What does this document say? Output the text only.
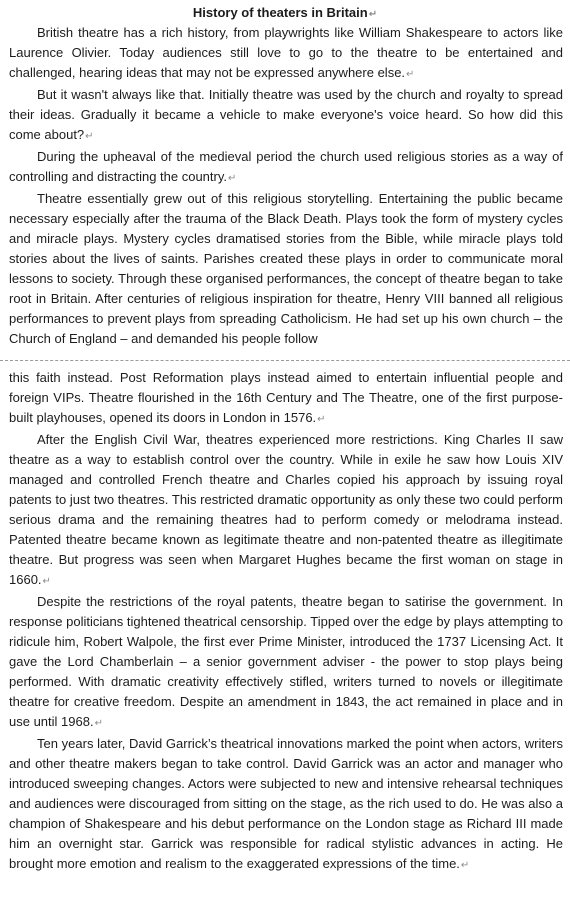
History of theaters in Britain↵

British theatre has a rich history, from playwrights like William Shakespeare to actors like Laurence Olivier. Today audiences still love to go to the theatre to be entertained and challenged, hearing ideas that may not be expressed anywhere else.↵

But it wasn't always like that. Initially theatre was used by the church and royalty to spread their ideas. Gradually it became a vehicle to make everyone's voice heard. So how did this come about?↵

During the upheaval of the medieval period the church used religious stories as a way of controlling and distracting the country.↵

Theatre essentially grew out of this religious storytelling. Entertaining the public became necessary especially after the trauma of the Black Death. Plays took the form of mystery cycles and miracle plays. Mystery cycles dramatised stories from the Bible, while miracle plays told stories about the lives of saints. Parishes created these plays in order to communicate moral lessons to society. Through these organised performances, the concept of theatre began to take root in Britain. After centuries of religious inspiration for theatre, Henry VIII banned all religious performances to prevent plays from spreading Catholicism. He had set up his own church – the Church of England – and demanded his people follow

this faith instead. Post Reformation plays instead aimed to entertain influential people and foreign VIPs. Theatre flourished in the 16th Century and The Theatre, one of the first purpose- built playhouses, opened its doors in London in 1576.↵

After the English Civil War, theatres experienced more restrictions. King Charles II saw theatre as a way to establish control over the country. While in exile he saw how Louis XIV managed and controlled French theatre and Charles copied his approach by issuing royal patents to just two theatres. This restricted dramatic opportunity as only these two could perform serious drama and the remaining theatres had to perform comedy or melodrama instead. Patented theatre became known as legitimate theatre and non-patented theatre as illegitimate theatre. But progress was seen when Margaret Hughes became the first woman on stage in 1660.↵

Despite the restrictions of the royal patents, theatre began to satirise the government. In response politicians tightened theatrical censorship. Tipped over the edge by plays attempting to ridicule him, Robert Walpole, the first ever Prime Minister, introduced the 1737 Licensing Act. It gave the Lord Chamberlain – a senior government adviser - the power to stop plays being performed. With dramatic creativity effectively stifled, writers turned to novels or illegitimate theatre for creative freedom. Despite an amendment in 1843, the act remained in place and in use until 1968.↵

Ten years later, David Garrick’s theatrical innovations marked the point when actors, writers and other theatre makers began to take control. David Garrick was an actor and manager who introduced sweeping changes. Actors were subjected to new and intensive rehearsal techniques and audiences were discouraged from sitting on the stage, as the rich used to do. He was also a champion of Shakespeare and his debut performance on the London stage as Richard III made him an overnight star. Garrick was responsible for radical stylistic advances in acting. He brought more emotion and realism to the exaggerated expressions of the time.↵
